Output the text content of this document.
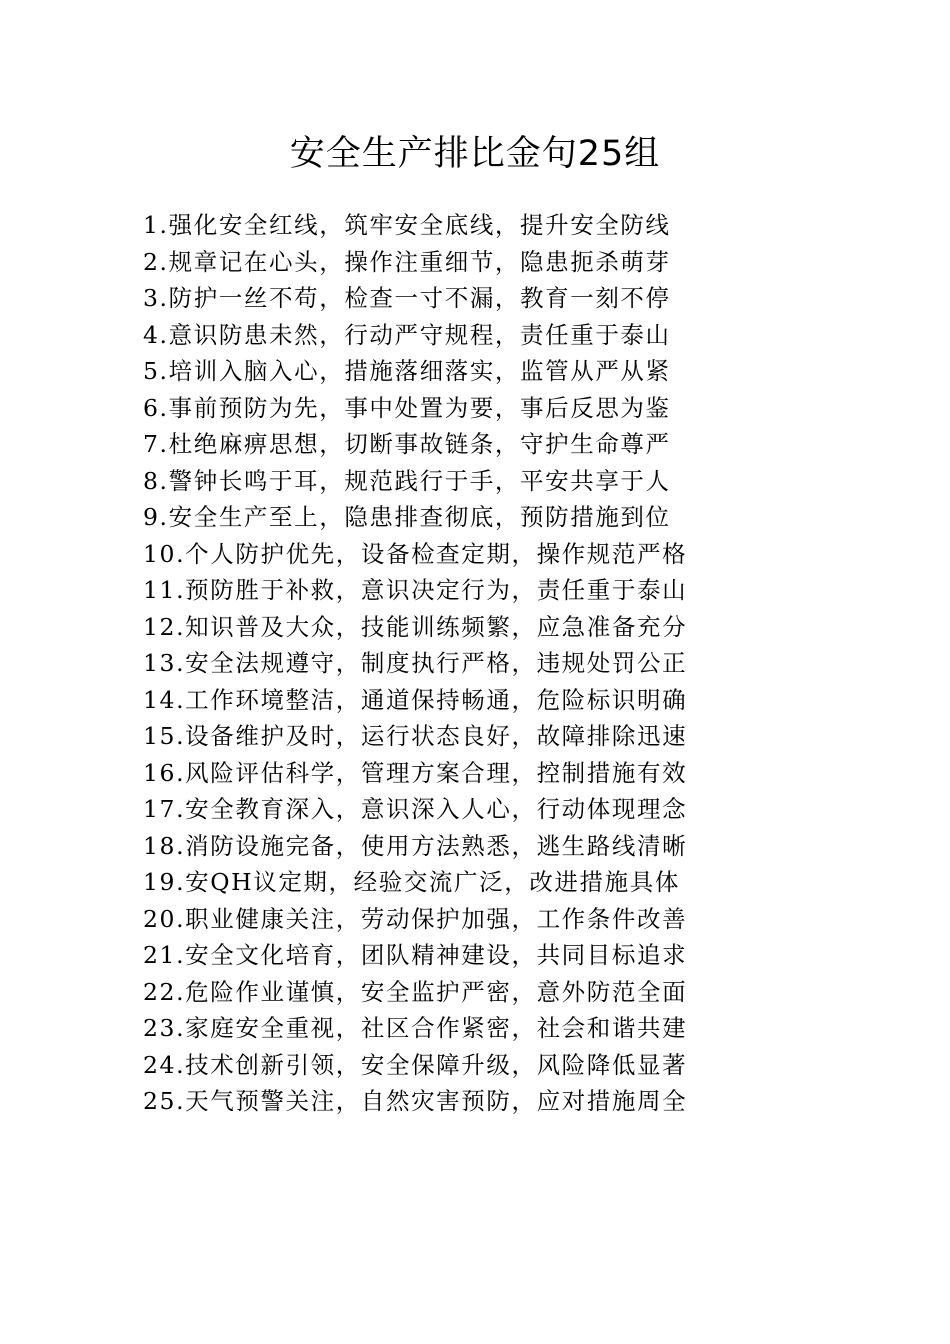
安全生产排比金句25组
1.强化安全红线，筑牢安全底线，提升安全防线
2.规章记在心头，操作注重细节，隐患扼杀萌芽
3.防护一丝不苟，检查一寸不漏，教育一刻不停
4.意识防患未然，行动严守规程，责任重于泰山
5.培训入脑入心，措施落细落实，监管从严从紧
6.事前预防为先，事中处置为要，事后反思为鉴
7.杜绝麻痹思想，切断事故链条，守护生命尊严
8.警钟长鸣于耳，规范践行于手，平安共享于人
9.安全生产至上，隐患排查彻底，预防措施到位
10.个人防护优先，设备检查定期，操作规范严格
11.预防胜于补救，意识决定行为，责任重于泰山
12.知识普及大众，技能训练频繁，应急准备充分
13.安全法规遵守，制度执行严格，违规处罚公正
14.工作环境整洁，通道保持畅通，危险标识明确
15.设备维护及时，运行状态良好，故障排除迅速
16.风险评估科学，管理方案合理，控制措施有效
17.安全教育深入，意识深入人心，行动体现理念
18.消防设施完备，使用方法熟悉，逃生路线清晰
19.安QH议定期，经验交流广泛，改进措施具体
20.职业健康关注，劳动保护加强，工作条件改善
21.安全文化培育，团队精神建设，共同目标追求
22.危险作业谨慎，安全监护严密，意外防范全面
23.家庭安全重视，社区合作紧密，社会和谐共建
24.技术创新引领，安全保障升级，风险降低显著
25.天气预警关注，自然灾害预防，应对措施周全
